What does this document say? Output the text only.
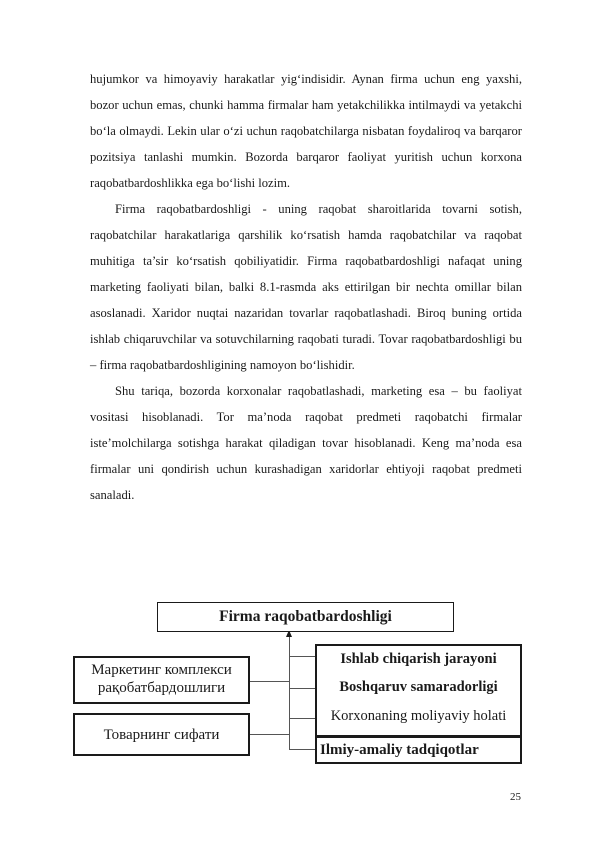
hujumkor va himoyaviy harakatlar yig‘indisidir. Aynan firma uchun eng yaxshi, bozor uchun emas, chunki hamma firmalar ham yetakchilikka intilmaydi va yetakchi bo‘la olmaydi. Lekin ular o‘zi uchun raqobatchilarga nisbatan foydaliroq va barqaror pozitsiya tanlashi mumkin. Bozorda barqaror faoliyat yuritish uchun korxona raqobatbardoshlikka ega bo‘lishi lozim.

Firma raqobatbardoshligi - uning raqobat sharoitlarida tovarni sotish, raqobatchilar harakatlariga qarshilik ko‘rsatish hamda raqobatchilar va raqobat muhitiga ta’sir ko‘rsatish qobiliyatidir. Firma raqobatbardoshligi nafaqat uning marketing faoliyati bilan, balki 8.1-rasmda aks ettirilgan bir nechta omillar bilan asoslanadi. Xaridor nuqtai nazaridan tovarlar raqobatlashadi. Biroq buning ortida ishlab chiqaruvchilar va sotuvchilarning raqobati turadi. Tovar raqobatbardoshligi bu – firma raqobatbardoshligining namoyon bo‘lishidir.

Shu tariqa, bozorda korxonalar raqobatlashadi, marketing esa – bu faoliyat vositasi hisoblanadi. Tor ma’noda raqobat predmeti raqobatchi firmalar iste’molchilarga sotishga harakat qiladigan tovar hisoblanadi. Keng ma’noda esa firmalar uni qondirish uchun kurashadigan xaridorlar ehtiyoji raqobat predmeti sanaladi.

Firma raqobatbardoshligi
Маркетинг комплекси рақобатбардошлиги
Товарнинг сифати
Ishlab chiqarish jarayoni
Boshqaruv samaradorligi
Korxonaning moliyaviy holati
Ilmiy-amaliy tadqiqotlar
25
